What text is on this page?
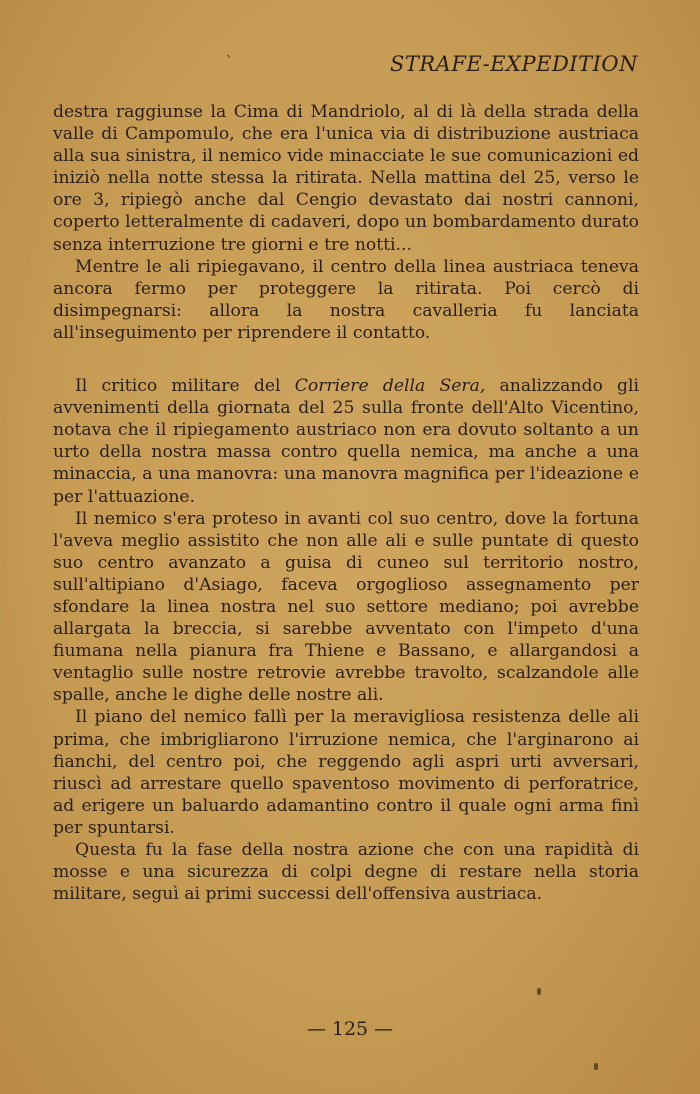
`	STRAFE-EXPEDITION

destra raggiunse la Cima di Mandriolo, al di là della strada della valle di Campomulo, che era l'unica via di distribuzione austriaca alla sua sinistra, il nemico vide minacciate le sue comunicazioni ed iniziò nella notte stessa la ritirata. Nella mattina del 25, verso le ore 3, ripiegò anche dal Cengio devastato dai nostri cannoni, coperto letteralmente di cadaveri, dopo un bombardamento durato senza interruzione tre giorni e tre notti...

Mentre le ali ripiegavano, il centro della linea austriaca teneva ancora fermo per proteggere la ritirata. Poi cercò di disimpegnarsi: allora la nostra cavalleria fu lanciata all'inseguimento per riprendere il contatto.

Il critico militare del Corriere della Sera, analizzando gli avvenimenti della giornata del 25 sulla fronte dell'Alto Vicentino, notava che il ripiegamento austriaco non era dovuto soltanto a un urto della nostra massa contro quella nemica, ma anche a una minaccia, a una manovra: una manovra magnifica per l'ideazione e per l'attuazione.

Il nemico s'era proteso in avanti col suo centro, dove la fortuna l'aveva meglio assistito che non alle ali e sulle puntate di questo suo centro avanzato a guisa di cuneo sul territorio nostro, sull'altipiano d'Asiago, faceva orgoglioso assegnamento per sfondare la linea nostra nel suo settore mediano; poi avrebbe allargata la breccia, si sarebbe avventato con l'impeto d'una fiumana nella pianura fra Thiene e Bassano, e allargandosi a ventaglio sulle nostre retrovie avrebbe travolto, scalzandole alle spalle, anche le dighe delle nostre ali.

Il piano del nemico fallì per la meravigliosa resistenza delle ali prima, che imbrigliarono l'irruzione nemica, che l'arginarono ai fianchi, del centro poi, che reggendo agli aspri urti avversari, riuscì ad arrestare quello spaventoso movimento di perforatrice, ad erigere un baluardo adamantino contro il quale ogni arma finì per spuntarsi.

Questa fu la fase della nostra azione che con una rapidità di mosse e una sicurezza di colpi degne di restare nella storia militare, seguì ai primi successi dell'offensiva austriaca.

— 125 —
